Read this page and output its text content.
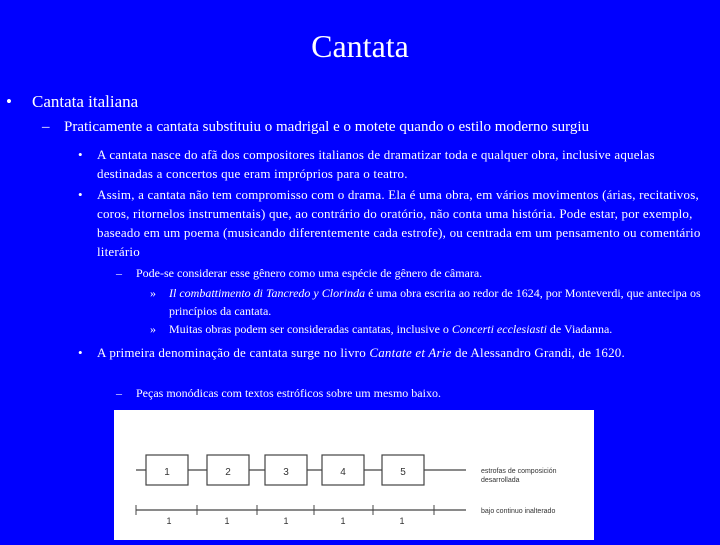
Cantata
• Cantata italiana
– Praticamente a cantata substituiu o madrigal e o motete quando o estilo moderno surgiu
•	A cantata nasce do afã dos compositores italianos de dramatizar toda e qualquer obra, inclusive aquelas destinadas a concertos que eram impróprios para o teatro.
•	Assim, a cantata não tem compromisso com o drama. Ela é uma obra, em vários movimentos (árias, recitativos, coros, ritornelos instrumentais) que, ao contrário do oratório, não conta uma história. Pode estar, por exemplo, baseado em um poema (musicando diferentemente cada estrofe), ou centrada em um pensamento ou comentário literário
– Pode-se considerar esse gênero como uma espécie de gênero de câmara.
»	Il combattimento di Tancredo y Clorinda é uma obra escrita ao redor de 1624, por Monteverdi, que antecipa os princípios da cantata.
»	Muitas obras podem ser consideradas cantatas, inclusive o Concerti ecclesiasti de Viadanna.
•	A primeira denominação de cantata surge no livro Cantate et Arie de Alessandro Grandi, de 1620.
– Peças monódicas com textos estróficos sobre um mesmo baixo.
1	2	3	4	5	estrofas de composición
desarrollada
bajo continuo inalterado
1	1	1	1	1
